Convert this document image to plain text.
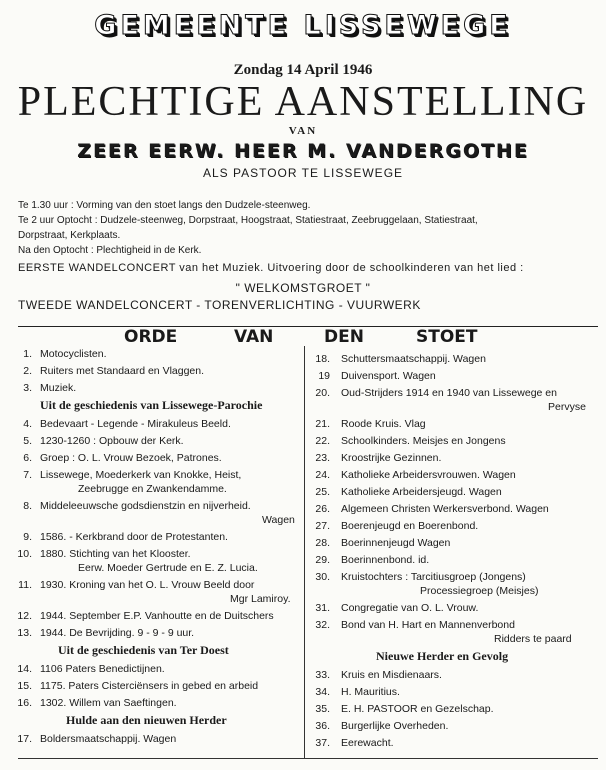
GEMEENTE LISSEWEGE
Zondag 14 April 1946
PLECHTIGE AANSTELLING
VAN
ZEER EERW. HEER M. VANDERGOTHE
ALS PASTOOR TE LISSEWEGE
Te 1.30 uur : Vorming van den stoet langs den Dudzele-steenweg.
Te 2 uur Optocht : Dudzele-steenweg, Dorpstraat, Hoogstraat, Statiestraat, Zeebruggelaan, Statiestraat,
Dorpstraat, Kerkplaats.
Na den Optocht : Plechtigheid in de Kerk.
EERSTE WANDELCONCERT van het Muziek. Uitvoering door de schoolkinderen van het lied :
" WELKOMSTGROET "
TWEEDE WANDELCONCERT - TORENVERLICHTING - VUURWERK
ORDE	VAN	DEN	STOET
1. Motocyclisten.
2. Ruiters met Standaard en Vlaggen.
3. Muziek.
Uit de geschiedenis van Lissewege-Parochie
4. Bedevaart - Legende - Mirakuleus Beeld.
5. 1230-1260 : Opbouw der Kerk.
6. Groep : O. L. Vrouw Bezoek, Patrones.
7. Lissewege, Moederkerk van Knokke, Heist,
Zeebrugge en Zwankendamme.
8. Middeleeuwsche godsdienstzin en nijverheid.
Wagen
9. 1586. - Kerkbrand door de Protestanten.
10. 1880. Stichting van het Klooster.
Eerw. Moeder Gertrude en E. Z. Lucia.
11. 1930. Kroning van het O. L. Vrouw Beeld door
Mgr Lamiroy.
12. 1944. September E.P. Vanhoutte en de Duitschers
13. 1944. De Bevrijding. 9 - 9 - 9 uur.
Uit de geschiedenis van Ter Doest
14. 1106 Paters Benedictijnen.
15. 1175. Paters Cisterciënsers in gebed en arbeid
16. 1302. Willem van Saeftingen.
Hulde aan den nieuwen Herder
17. Boldersmaatschappij. Wagen
18. Schuttersmaatschappij. Wagen
19 Duivensport. Wagen
20. Oud-Strijders 1914 en 1940 van Lissewege en
Pervyse
21. Roode Kruis. Vlag
22. Schoolkinders. Meisjes en Jongens
23. Kroostrijke Gezinnen.
24. Katholieke Arbeidersvrouwen. Wagen
25. Katholieke Arbeidersjeugd. Wagen
26. Algemeen Christen Werkersverbond. Wagen
27. Boerenjeugd en Boerenbond.
28. Boerinnenjeugd Wagen
29. Boerinnenbond. id.
30. Kruistochters : Tarcitiusgroep (Jongens)
Processiegroep (Meisjes)
31. Congregatie van O. L. Vrouw.
32. Bond van H. Hart en Mannenverbond
Ridders te paard
Nieuwe Herder en Gevolg
33. Kruis en Misdienaars.
34. H. Mauritius.
35. E. H. PASTOOR en Gezelschap.
36. Burgerlijke Overheden.
37. Eerewacht.
